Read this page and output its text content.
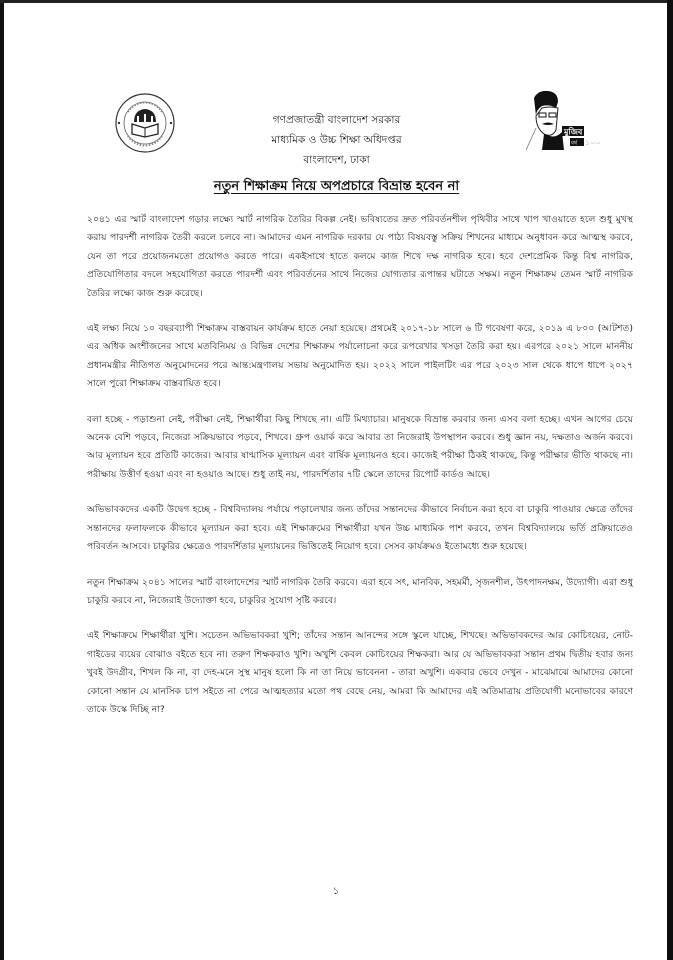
মুজিব
বর্ষ ১০০
গণপ্রজাতন্ত্রী বাংলাদেশ সরকার
মাধ্যমিক ও উচ্চ শিক্ষা অধিদপ্তর
বাংলাদেশ, ঢাকা
নতুন শিক্ষাক্রম নিয়ে অপপ্রচারে বিভ্রান্ত হবেন না

২০৪১ এর স্মার্ট বাংলাদেশ গড়ার লক্ষ্যে স্মার্ট নাগরিক তৈরির বিকল্প নেই। ভবিষ্যতের দ্রুত পরিবর্তনশীল পৃথিবীর সাথে খাপ খাওয়াতে হলে শুধু মুখস্থ করায় পারদর্শী নাগরিক তৈরী করলে চলবে না। আমাদের এমন নাগরিক দরকার যে পাঠ্য বিষয়বস্তু সক্রিয় শিখনের মাধ্যমে অনুধাবন করে আত্মস্থ করবে, যেন তা পরে প্রয়োজনমতো প্রয়োগও করতে পারে। একইসাথে হাতে কলমে কাজ শিখে দক্ষ নাগরিক হবে। হবে দেশপ্রেমিক কিন্তু বিশ্ব নাগরিক, প্রতিযোগিতার বদলে সহযোগিতা করতে পারদর্শী এবং পরিবর্তনের সাথে নিজের যোগ্যতার রূপান্তর ঘটাতে সক্ষম। নতুন শিক্ষাক্রম তেমন স্মার্ট নাগরিক তৈরির লক্ষ্যে কাজ শুরু করেছে।

এই লক্ষ্য নিয়ে ১০ বছরব্যাপী শিক্ষাক্রম বাস্তবায়ন কার্যক্রম হাতে নেয়া হয়েছে। প্রথমেই ২০১৭-১৮ সালে ৬ টি গবেষণা করে, ২০১৯ এ ৮০০ (আটশত) এর অধিক অংশীজনের সাথে মতবিনিময় ও বিভিন্ন দেশের শিক্ষাক্রম পর্যালোচনা করে রূপরেখার খসড়া তৈরি করা হয়। এরপরে ২০২১ সালে মাননীয় প্রধানমন্ত্রীর নীতিগত অনুমোদনের পরে আন্ত:মন্ত্রণালয় সভায় অনুমোদিত হয়। ২০২২ সালে পাইলটিং এর পরে ২০২৩ সাল থেকে ধাপে ধাপে ২০২৭ সালে পুরো শিক্ষাক্রম বাস্তবায়িত হবে।

বলা হচ্ছে - পড়াশুনা নেই, পরীক্ষা নেই, শিক্ষার্থীরা কিছু শিখছে না। এটি মিথ্যাচার। মানুষকে বিভ্রান্ত করবার জন্য এসব বলা হচ্ছে। এখন আগের চেয়ে অনেক বেশি পড়বে, নিজেরা সক্রিয়ভাবে পড়বে, শিখবে। গ্রুপ ওয়ার্ক করে আবার তা নিজেরাই উপস্থাপন করবে। শুধু জ্ঞান নয়, দক্ষতাও অর্জন করবে। আর মূল্যায়ন হবে প্রতিটি কাজের। আবার ষাণ্মাসিক মূল্যায়ন এবং বার্ষিক মূল্যায়নও হবে। কাজেই পরীক্ষা ঠিকই থাকছে, কিন্তু পরীক্ষার ভীতি থাকছে না। পরীক্ষায় উত্তীর্ণ হওয়া এবং না হওয়াও আছে। শুধু তাই নয়, পারদর্শিতার ৭টি স্কেলে তাদের রিপোর্ট কার্ডও আছে।

অভিভাবকদের একটি উদ্বেগ হচ্ছে - বিশ্ববিদ্যালয় পর্যায়ে পড়ালেখার জন্য তাঁদের সন্তানদের কীভাবে নির্বাচন করা হবে বা চাকুরি পাওয়ার ক্ষেত্রে তাঁদের সন্তানদের ফলাফলকে কীভাবে মূল্যায়ন করা হবে। এই শিক্ষাক্রমের শিক্ষার্থীরা যখন উচ্চ মাধ্যমিক পাশ করবে, তখন বিশ্ববিদ্যালয়ে ভর্তি প্রক্রিয়াতেও পরিবর্তন আসবে। চাকুরির ক্ষেত্রেও পারদর্শিতার মূল্যায়নের ভিত্তিতেই নিয়োগ হবে। সেসব কার্যক্রমও ইতোমধ্যে শুরু হয়েছে।

নতুন শিক্ষাক্রম ২০৪১ সালের স্মার্ট বাংলাদেশের স্মার্ট নাগরিক তৈরি করবে। এরা হবে সৎ, মানবিক, সহমর্মী, সৃজনশীল, উৎপাদনক্ষম, উদ্যোগী। এরা শুধু চাকুরি করবে না, নিজেরাই উদ্যোক্তা হবে, চাকুরির সুযোগ সৃষ্টি করবে।

এই শিক্ষাক্রমে শিক্ষার্থীরা খুশি। সচেতন অভিভাবকরা খুশি; তাঁদের সন্তান আনন্দের সঙ্গে স্কুলে যাচ্ছে, শিখছে। অভিভাবকদের আর কোচিংয়ের, নোট-গাইডের ব্যয়ের বোঝাও বইতে হবে না। তরুণ শিক্ষকরাও খুশি। অখুশি কেবল কোচিংয়ের শিক্ষকরা। আর যে অভিভাবকরা সন্তান প্রথম দ্বিতীয় হবার জন্য খুবই উদগ্রীব, শিখল কি না, বা দেহ-মনে সুস্থ মানুষ হলো কি না তা নিয়ে ভাবেননা - তারা অখুশি। একবার ভেবে দেখুন - মাঝেমাঝে আমাদের কোনো কোনো সন্তান যে মানসিক চাপ সইতে না পেরে আত্মহত্যার মতো পথ বেছে নেয়, আমরা কি আমাদের এই অতিমাত্রায় প্রতিযোগী মনোভাবের কারণে তাকে উস্কে দিচ্ছি না?

১
